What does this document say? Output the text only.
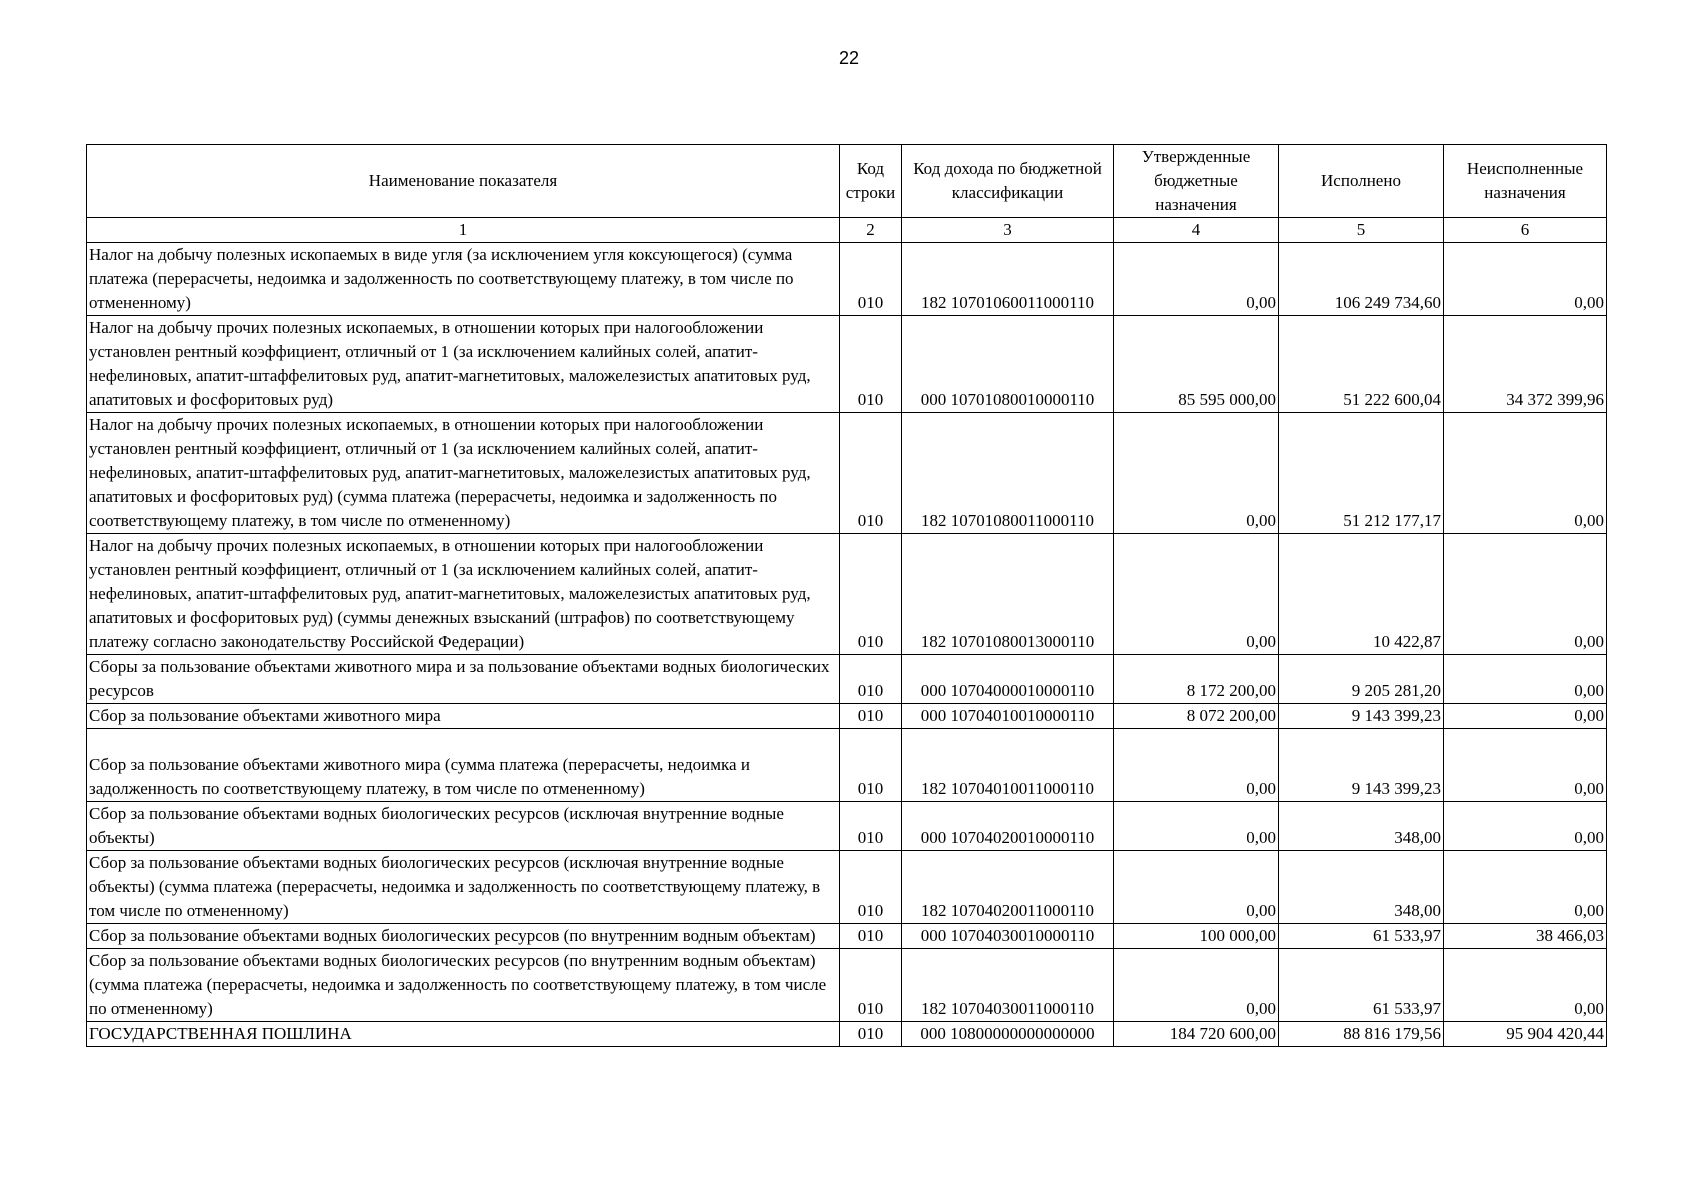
22
Наименование показателя	Код строки	Код дохода по бюджетной классификации	Утвержденные бюджетные назначения	Исполнено	Неисполненные назначения
1	2	3	4	5	6
Налог на добычу полезных ископаемых в виде угля (за исключением угля коксующегося) (сумма платежа (перерасчеты, недоимка и задолженность по соответствующему платежу, в том числе по отмененному)	010	182 10701060011000110	0,00	106 249 734,60	0,00
Налог на добычу прочих полезных ископаемых, в отношении которых при налогообложении установлен рентный коэффициент, отличный от 1 (за исключением калийных солей, апатит-нефелиновых, апатит-штаффелитовых руд, апатит-магнетитовых, маложелезистых апатитовых руд, апатитовых и фосфоритовых руд)	010	000 10701080010000110	85 595 000,00	51 222 600,04	34 372 399,96
Налог на добычу прочих полезных ископаемых, в отношении которых при налогообложении установлен рентный коэффициент, отличный от 1 (за исключением калийных солей, апатит-нефелиновых, апатит-штаффелитовых руд, апатит-магнетитовых, маложелезистых апатитовых руд, апатитовых и фосфоритовых руд) (сумма платежа (перерасчеты, недоимка и задолженность по соответствующему платежу, в том числе по отмененному)	010	182 10701080011000110	0,00	51 212 177,17	0,00
Налог на добычу прочих полезных ископаемых, в отношении которых при налогообложении установлен рентный коэффициент, отличный от 1 (за исключением калийных солей, апатит-нефелиновых, апатит-штаффелитовых руд, апатит-магнетитовых, маложелезистых апатитовых руд, апатитовых и фосфоритовых руд) (суммы денежных взысканий (штрафов) по соответствующему платежу согласно законодательству Российской Федерации)	010	182 10701080013000110	0,00	10 422,87	0,00
Сборы за пользование объектами животного мира и за пользование объектами водных биологических ресурсов	010	000 10704000010000110	8 172 200,00	9 205 281,20	0,00
Сбор за пользование объектами животного мира	010	000 10704010010000110	8 072 200,00	9 143 399,23	0,00

Сбор за пользование объектами животного мира (сумма платежа (перерасчеты, недоимка и задолженность по соответствующему платежу, в том числе по отмененному)	010	182 10704010011000110	0,00	9 143 399,23	0,00
Сбор за пользование объектами водных биологических ресурсов (исключая внутренние водные объекты)	010	000 10704020010000110	0,00	348,00	0,00
Сбор за пользование объектами водных биологических ресурсов (исключая внутренние водные объекты) (сумма платежа (перерасчеты, недоимка и задолженность по соответствующему платежу, в том числе по отмененному)	010	182 10704020011000110	0,00	348,00	0,00
Сбор за пользование объектами водных биологических ресурсов (по внутренним водным объектам)	010	000 10704030010000110	100 000,00	61 533,97	38 466,03
Сбор за пользование объектами водных биологических ресурсов (по внутренним водным объектам) (сумма платежа (перерасчеты, недоимка и задолженность по соответствующему платежу, в том числе по отмененному)	010	182 10704030011000110	0,00	61 533,97	0,00
ГОСУДАРСТВЕННАЯ ПОШЛИНА	010	000 10800000000000000	184 720 600,00	88 816 179,56	95 904 420,44
